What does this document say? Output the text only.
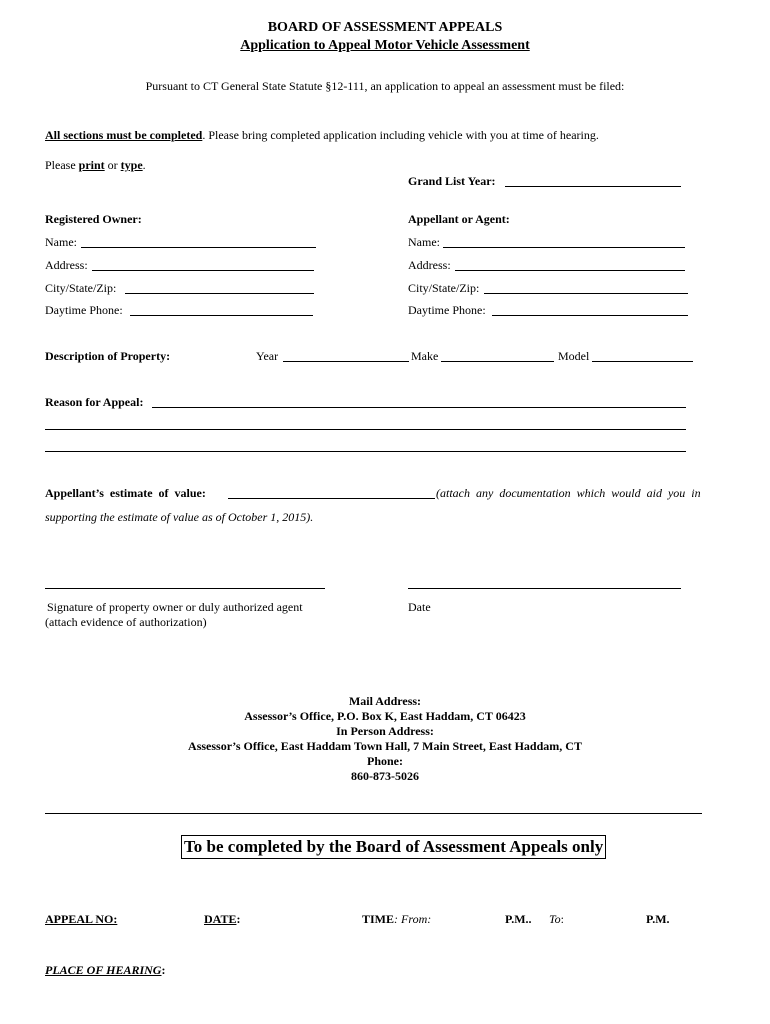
BOARD OF ASSESSMENT APPEALS
Application to Appeal Motor Vehicle Assessment
Pursuant to CT General State Statute §12-111, an application to appeal an assessment must be filed:
All sections must be completed. Please bring completed application including vehicle with you at time of hearing.
Please print or type.
Grand List Year:
Registered Owner:
Name:
Address:
City/State/Zip:
Daytime Phone:
Appellant or Agent:
Name:
Address:
City/State/Zip:
Daytime Phone:
Description of Property:	Year	Make	Model
Reason for Appeal:
Appellant’s  estimate  of  value:	(attach  any  documentation  which  would  aid  you  in
supporting the estimate of value as of October 1, 2015).
Signature of property owner or duly authorized agent
(attach evidence of authorization)
Date
Mail Address:
Assessor’s Office, P.O. Box K, East Haddam, CT 06423
In Person Address:
Assessor’s Office, East Haddam Town Hall, 7 Main Street, East Haddam, CT
Phone:
860-873-5026
To be completed by the Board of Assessment Appeals only
APPEAL NO:	DATE:	TIME: From:	P.M.. To:	P.M.
PLACE OF HEARING:
